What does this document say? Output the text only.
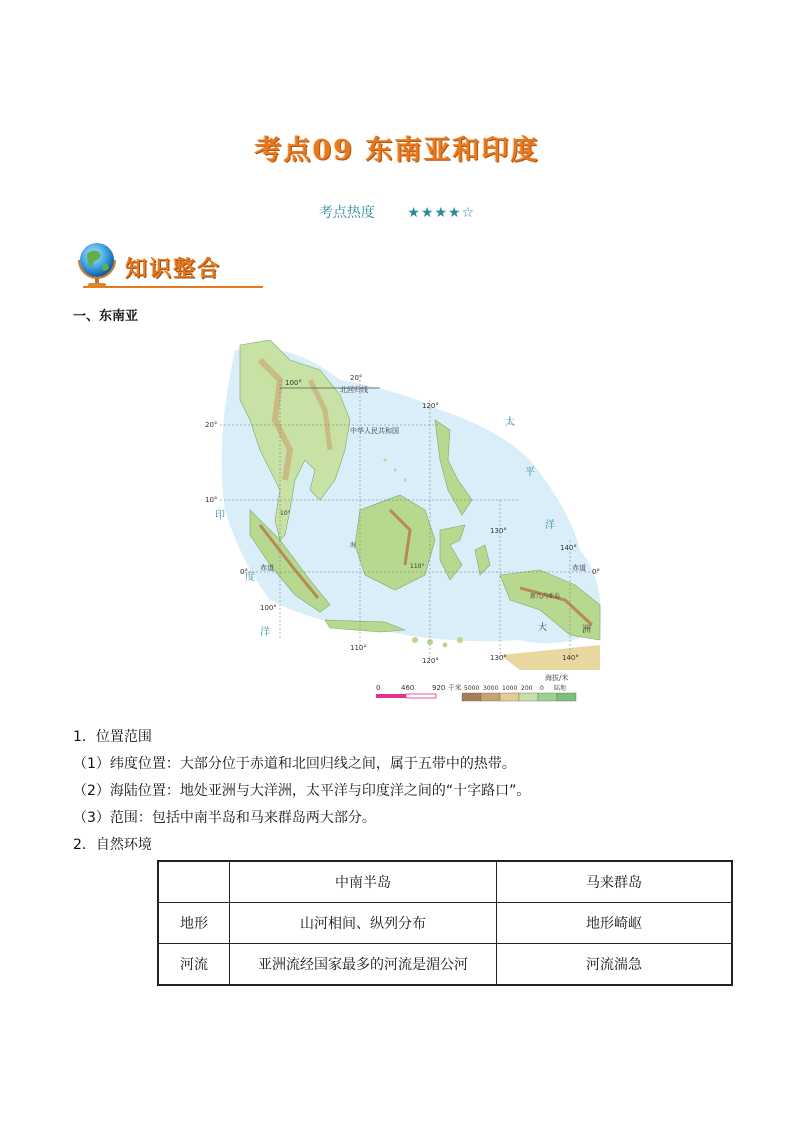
考点09 东南亚和印度
考点热度 ★★★★☆
知识整合
一、东南亚
北回归线
中华人民共和国
100°
20°
120°
130°
140°
20°
10°
0°	0°
100°
110°
120°	130°	140°
赤道	赤道
新几内亚岛
海
10°
110°
太
平
洋
印
度
洋	大	洲
0	460	920 千米
海拔/米
5000 3000 1000 200 0 陆地
1．位置范围
（1）纬度位置：大部分位于赤道和北回归线之间，属于五带中的热带。
（2）海陆位置：地处亚洲与大洋洲，太平洋与印度洋之间的“十字路口”。
（3）范围：包括中南半岛和马来群岛两大部分。
2．自然环境
	中南半岛	马来群岛
地形	山河相间、纵列分布	地形崎岖
河流	亚洲流经国家最多的河流是湄公河	河流湍急
